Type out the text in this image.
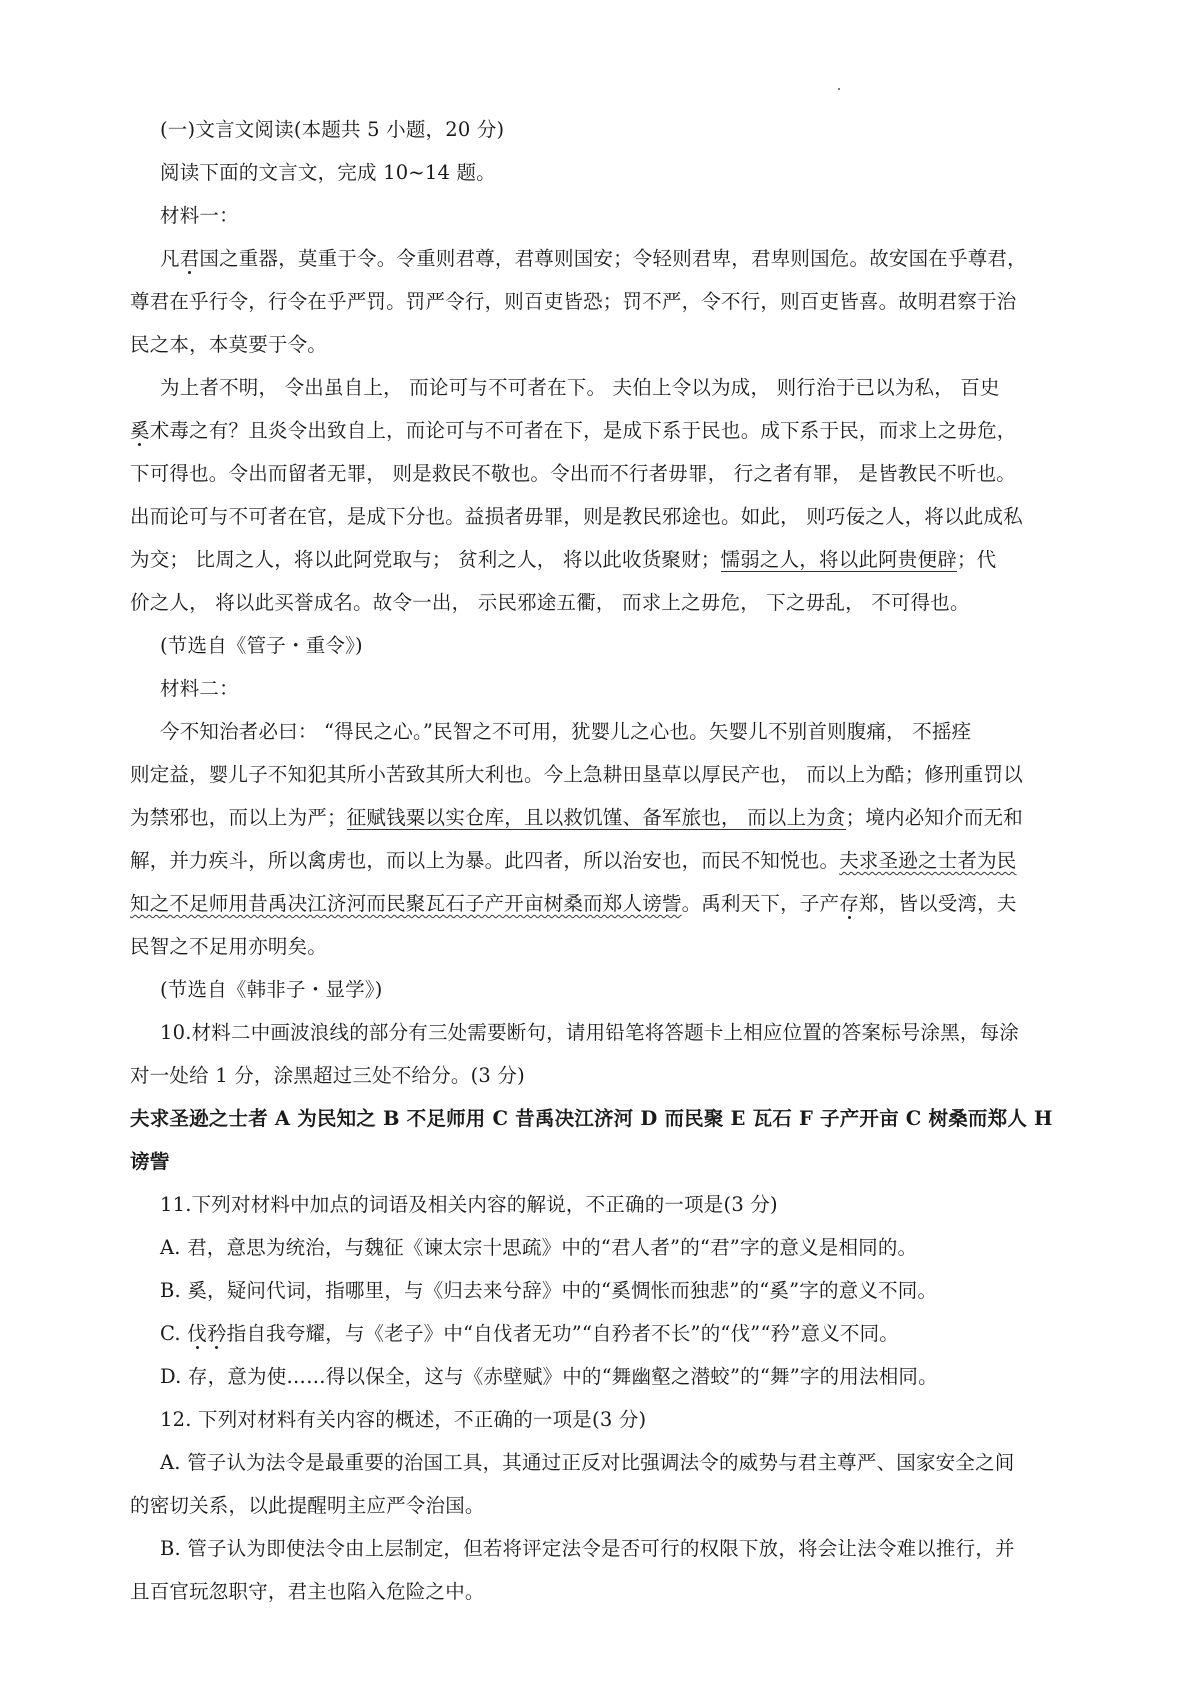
(一)文言文阅读(本题共 5 小题，20 分)
阅读下面的文言文，完成 10~14 题。
材料一：
凡君国之重器，莫重于令。令重则君尊，君尊则国安；令轻则君卑，君卑则国危。故安国在乎尊君，
尊君在乎行令，行令在乎严罚。罚严令行，则百吏皆恐；罚不严，令不行，则百吏皆喜。故明君察于治
民之本，本莫要于令。
为上者不明， 令出虽自上， 而论可与不可者在下。 夫伯上令以为成， 则行治于已以为私， 百史
奚术毒之有？且炎令出致自上，而论可与不可者在下，是成下系于民也。成下系于民，而求上之毋危，
下可得也。令出而留者无罪， 则是救民不敬也。令出而不行者毋罪， 行之者有罪， 是皆教民不听也。
出而论可与不可者在官，是成下分也。益损者毋罪，则是教民邪途也。如此， 则巧佞之人，将以此成私
为交； 比周之人，将以此阿党取与； 贫利之人， 将以此收货聚财；懦弱之人，将以此阿贵便辟；代
价之人， 将以此买誉成名。故令一出， 示民邪途五衢， 而求上之毋危， 下之毋乱， 不可得也。
(节选自《管子・重令》)
材料二：
今不知治者必曰： “得民之心。”民智之不可用，犹婴儿之心也。矢婴儿不别首则腹痛， 不摇痊
则定益，婴儿子不知犯其所小苦致其所大利也。今上急耕田垦草以厚民产也， 而以上为酷；修刑重罚以
为禁邪也，而以上为严；征赋钱粟以实仓库，且以救饥馑、备军旅也， 而以上为贪；境内必知介而无和
解，并力疾斗，所以禽虏也，而以上为暴。此四者，所以治安也，而民不知悦也。夫求圣逊之士者为民
知之不足师用昔禹决江济河而民聚瓦石子产开亩树桑而郑人谤訾。禹利天下，子产存郑，皆以受湾，夫
民智之不足用亦明矣。
(节选自《韩非子・显学》)
10.材料二中画波浪线的部分有三处需要断句，请用铅笔将答题卡上相应位置的答案标号涂黑，每涂
对一处给 1 分，涂黑超过三处不给分。(3 分)
夫求圣逊之士者 A 为民知之 B 不足师用 C 昔禹决江济河 D 而民聚 E 瓦石 F 子产开亩 C 树桑而郑人 H
谤訾
11.下列对材料中加点的词语及相关内容的解说，不正确的一项是(3 分)
A. 君，意思为统治，与魏征《谏太宗十思疏》中的“君人者”的“君”字的意义是相同的。
B. 奚，疑问代词，指哪里，与《归去来兮辞》中的“奚惆怅而独悲”的“奚”字的意义不同。
C. 伐矜指自我夸耀，与《老子》中“自伐者无功”“自矜者不长”的“伐”“矜”意义不同。
D. 存，意为使……得以保全，这与《赤壁赋》中的“舞幽壑之潜蛟”的“舞”字的用法相同。
12. 下列对材料有关内容的概述，不正确的一项是(3 分)
A. 管子认为法令是最重要的治国工具，其通过正反对比强调法令的威势与君主尊严、国家安全之间
的密切关系，以此提醒明主应严令治国。
B. 管子认为即使法令由上层制定，但若将评定法令是否可行的权限下放，将会让法令难以推行，并
且百官玩忽职守，君主也陷入危险之中。
